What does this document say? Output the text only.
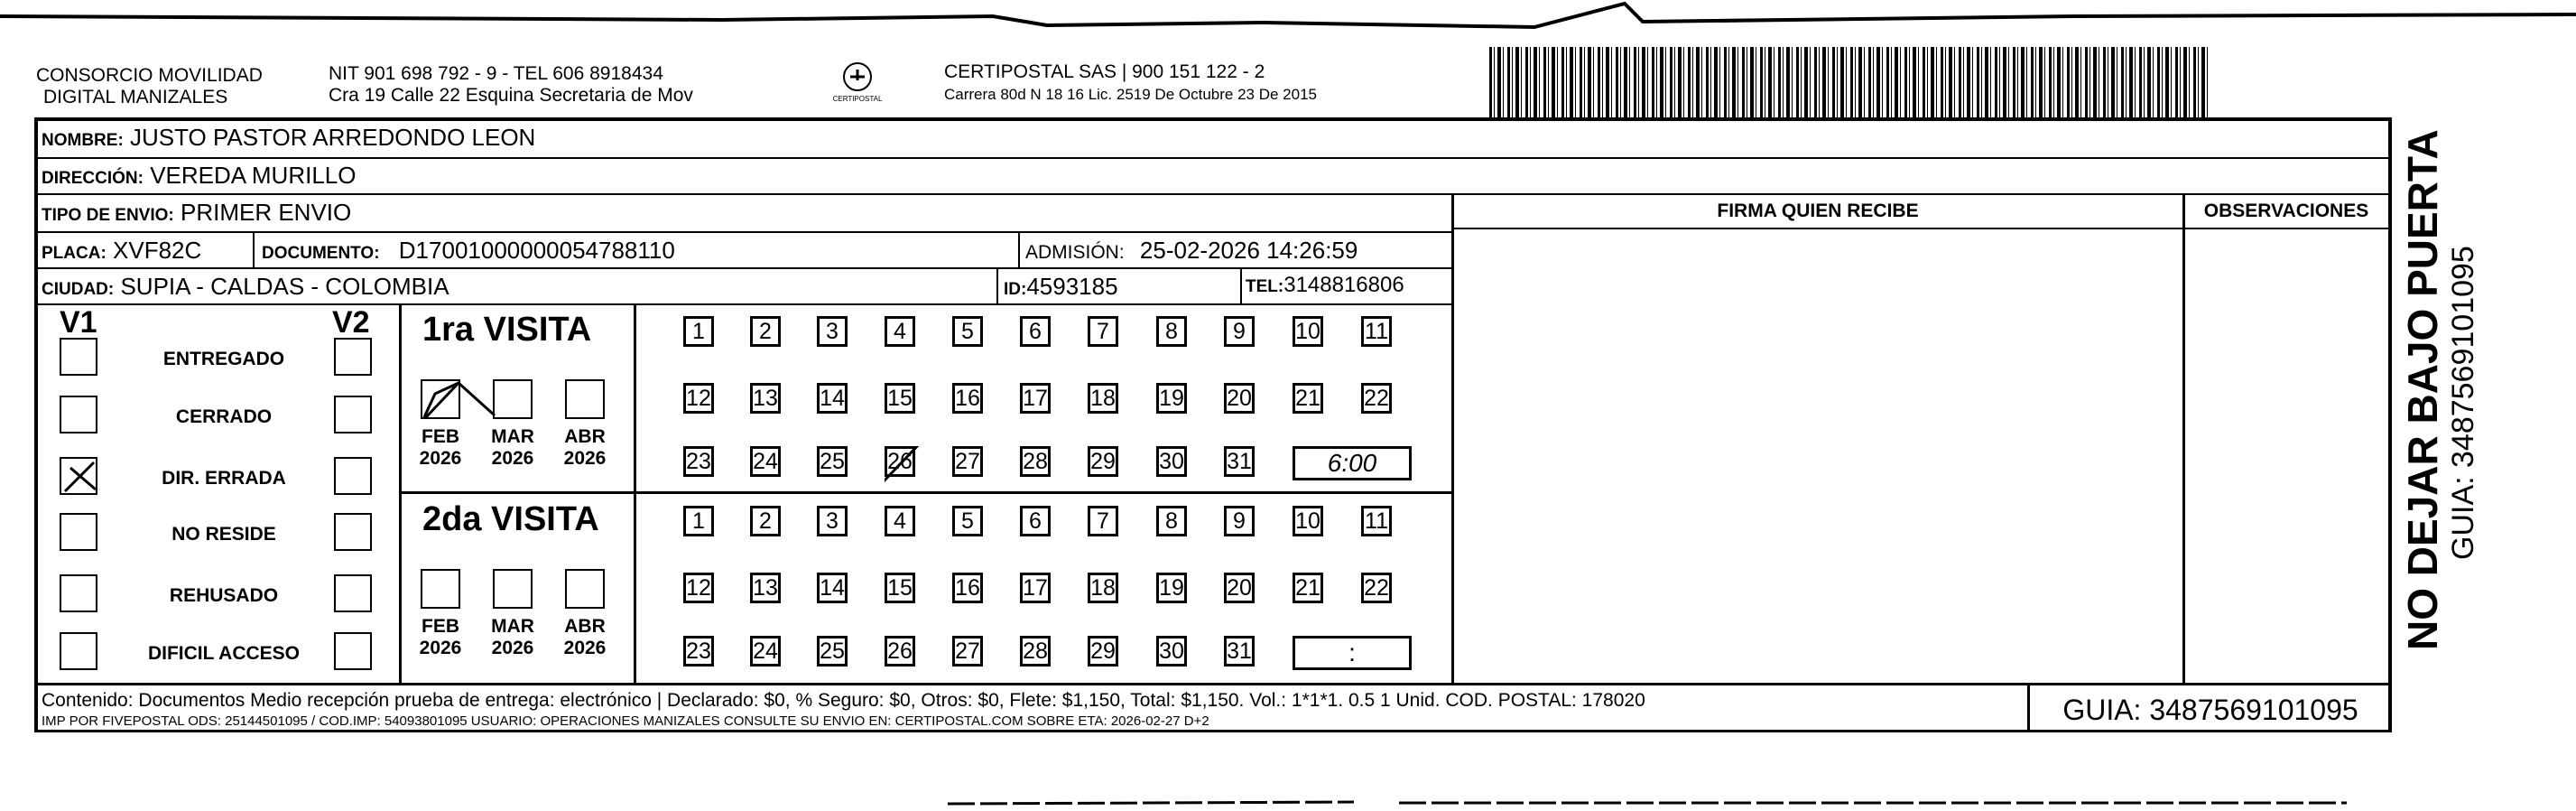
CONSORCIO MOVILIDAD
DIGITAL MANIZALES
NIT 901 698 792 - 9 - TEL 606 8918434
Cra 19 Calle 22 Esquina Secretaria de Mov	CERTIPOSTAL
CERTIPOSTAL SAS | 900 151 122 - 2
Carrera 80d N 18 16 Lic. 2519 De Octubre 23 De 2015
NOMBRE: JUSTO PASTOR ARREDONDO LEON
DIRECCIÓN: VEREDA MURILLO
TIPO DE ENVIO: PRIMER ENVIO	FIRMA QUIEN RECIBE	OBSERVACIONES
PLACA: XVF82C	DOCUMENTO: D17001000000054788110	ADMISIÓN: 25-02-2026 14:26:59
CIUDAD: SUPIA - CALDAS - COLOMBIA	ID:4593185	TEL:3148816806
V1	V2
ENTREGADO
CERRADO
DIR. ERRADA
NO RESIDE
REHUSADO
DIFICIL ACCESO
1ra VISITA
FEB
2026
MAR
2026
ABR
2026
1	2	3	4	5	6	7	8	9	10 11
12 13 14 15 16 17 18 19 20 21 22
23 24 25 26 27 28 29 30 31	6:00
2da VISITA
FEB
2026
MAR
2026
ABR
2026
1	2	3	4	5	6	7	8	9	10 11
12 13 14 15 16 17 18 19 20 21 22
23 24 25 26 27 28 29 30 31	:
Contenido: Documentos Medio recepción prueba de entrega: electrónico | Declarado: $0, % Seguro: $0, Otros: $0, Flete: $1,150, Total: $1,150. Vol.: 1*1*1. 0.5 1 Unid. COD. POSTAL: 178020
IMP POR FIVEPOSTAL ODS: 25144501095 / COD.IMP: 54093801095 USUARIO: OPERACIONES MANIZALES CONSULTE SU ENVIO EN: CERTIPOSTAL.COM SOBRE ETA: 2026-02-27 D+2	GUIA: 3487569101095
NO DEJAR BAJO PUERTA GUIA: 3487569101095
